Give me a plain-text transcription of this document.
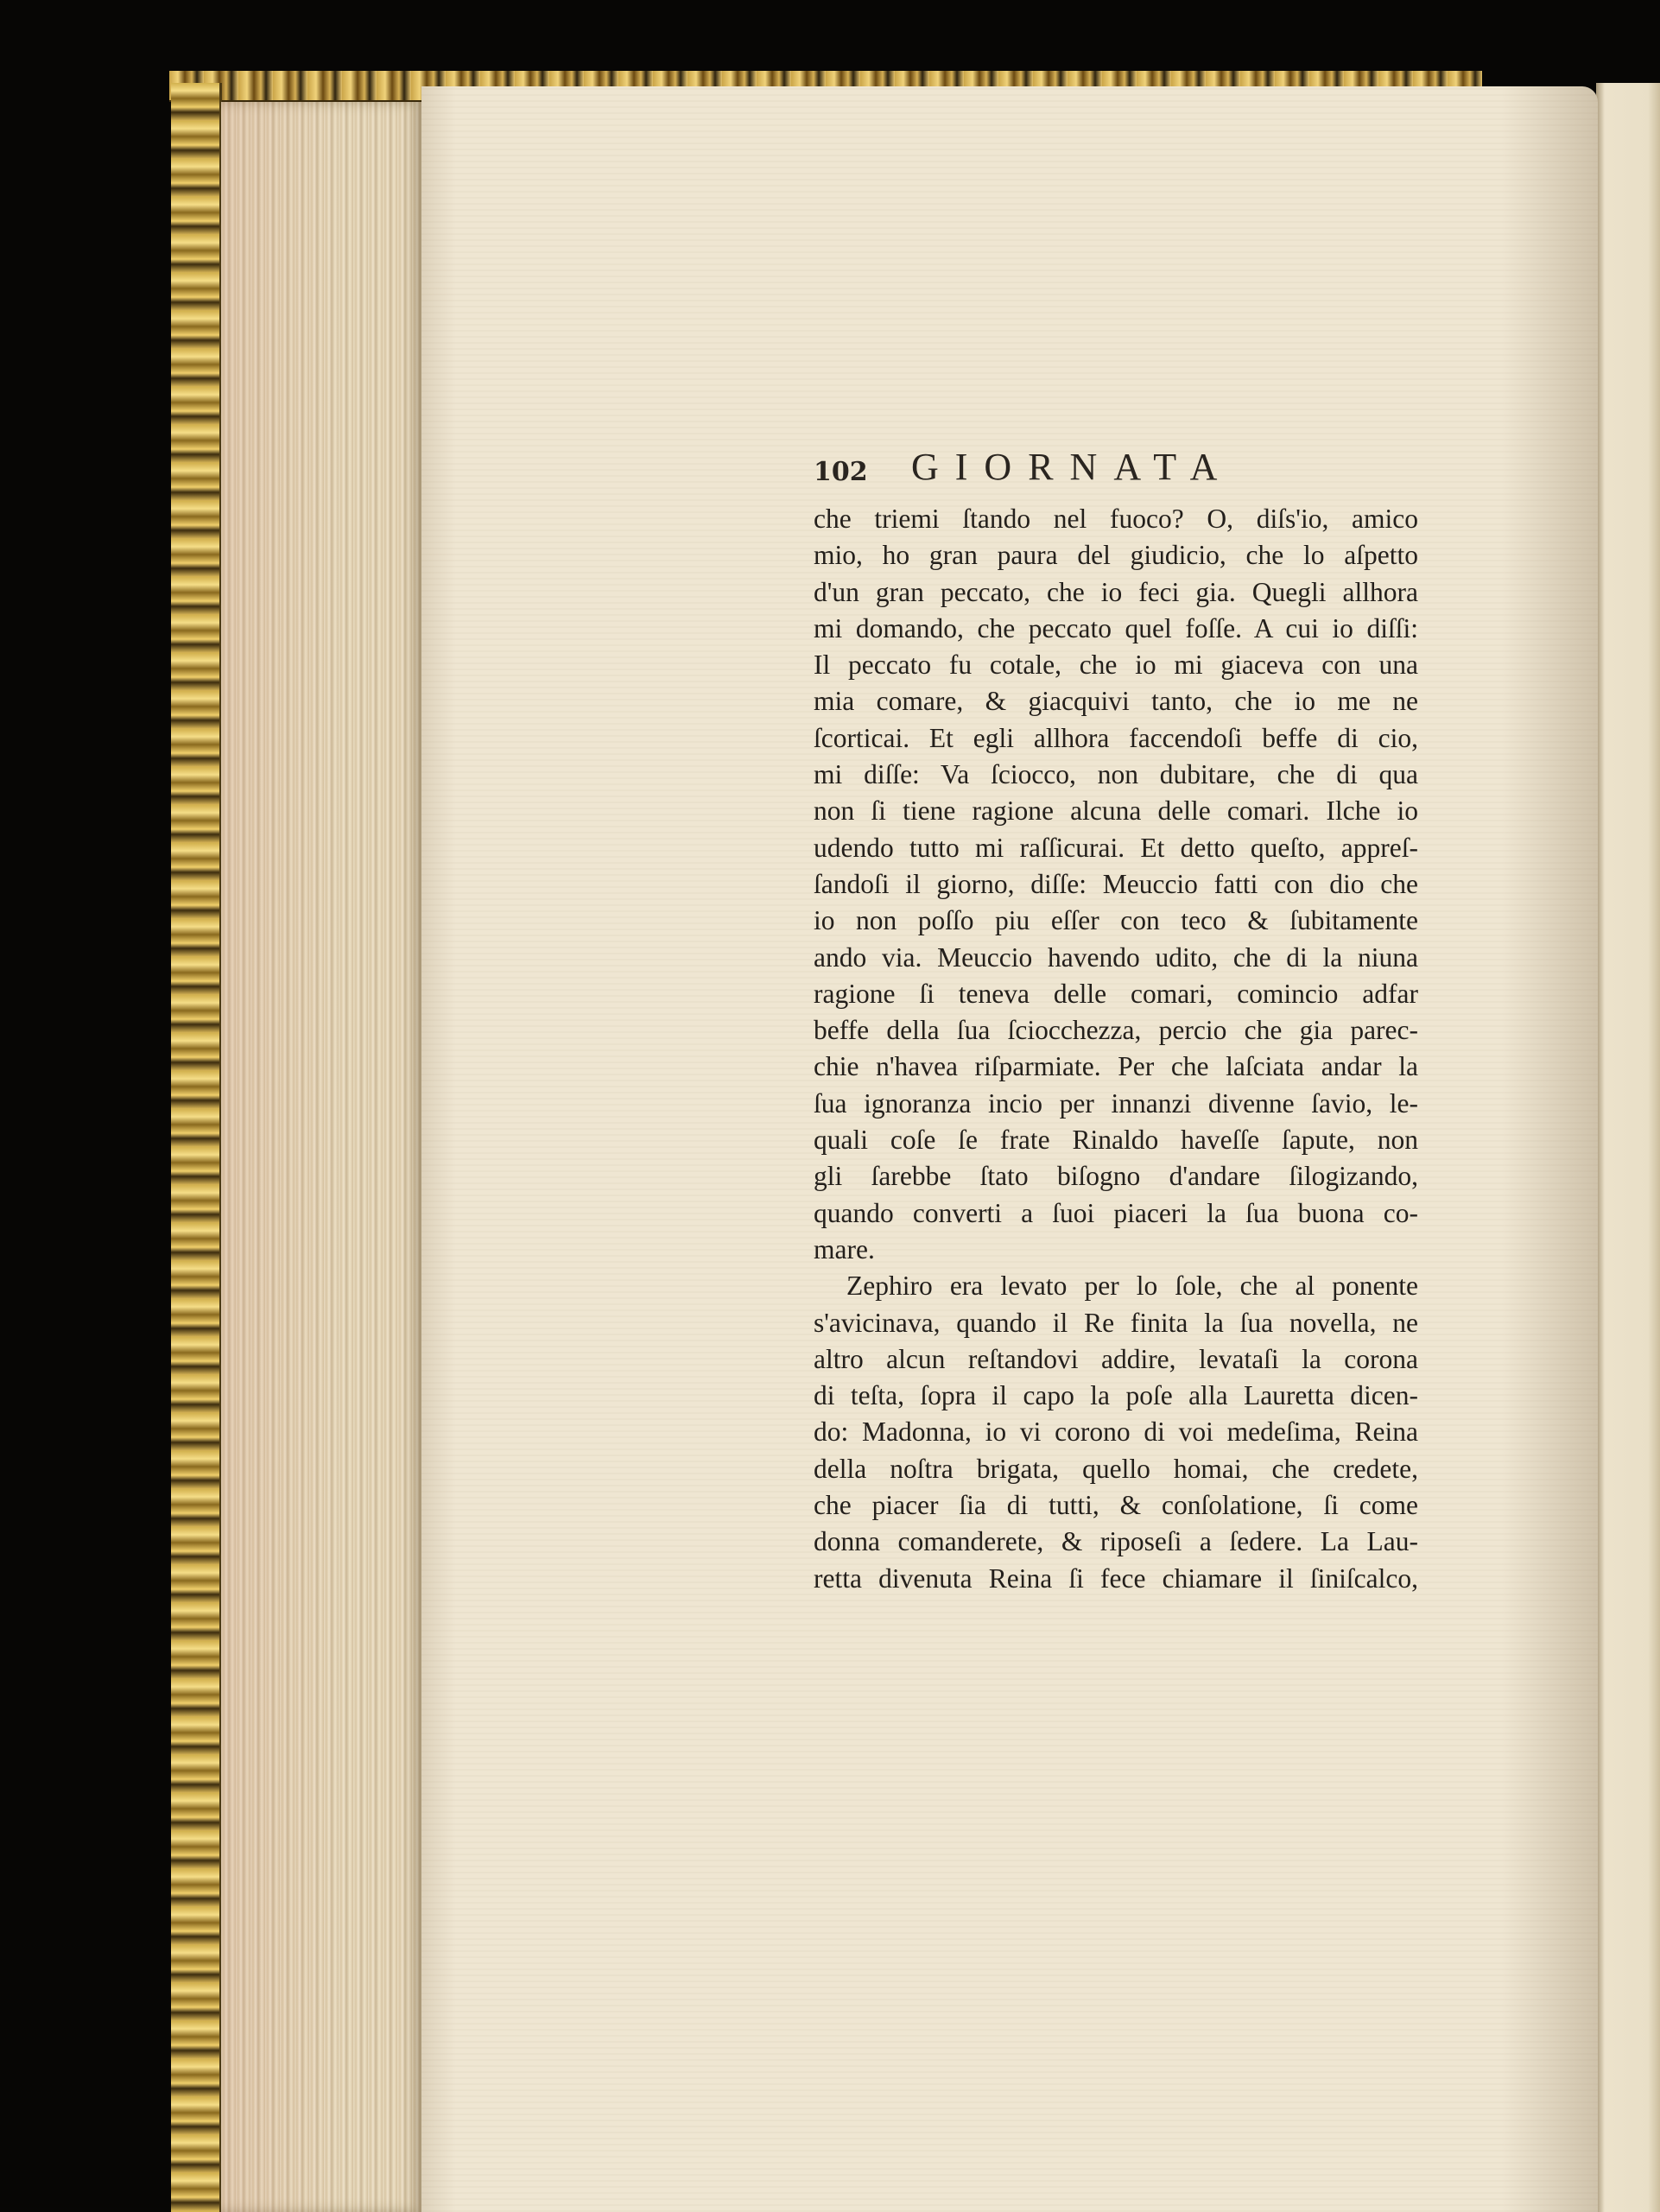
102 GIORNATA
che triemi ſtando nel fuoco? O, diſs'io, amico
mio, ho gran paura del giudicio, che lo aſpetto
d'un gran peccato, che io feci gia. Quegli allhora
mi domando, che peccato quel foſſe. A cui io diſſi:
Il peccato fu cotale, che io mi giaceva con una
mia comare, & giacquivi tanto, che io me ne
ſcorticai. Et egli allhora faccendoſi beffe di cio,
mi diſſe: Va ſciocco, non dubitare, che di qua
non ſi tiene ragione alcuna delle comari. Ilche io
udendo tutto mi raſſicurai. Et detto queſto, appreſ-
ſandoſi il giorno, diſſe: Meuccio fatti con dio che
io non poſſo piu eſſer con teco & ſubitamente
ando via. Meuccio havendo udito, che di la niuna
ragione ſi teneva delle comari, comincio adfar
beffe della ſua ſciocchezza, percio che gia parec-
chie n'havea riſparmiate. Per che laſciata andar la
ſua ignoranza incio per innanzi divenne ſavio, le-
quali coſe ſe frate Rinaldo haveſſe ſapute, non
gli ſarebbe ſtato biſogno d'andare ſilogizando,
quando converti a ſuoi piaceri la ſua buona co-
mare.
Zephiro era levato per lo ſole, che al ponente
s'avicinava, quando il Re finita la ſua novella, ne
altro alcun reſtandovi addire, levataſi la corona
di teſta, ſopra il capo la poſe alla Lauretta dicen-
do: Madonna, io vi corono di voi medeſima, Reina
della noſtra brigata, quello homai, che credete,
che piacer ſia di tutti, & conſolatione, ſi come
donna comanderete, & riposeſi a ſedere. La Lau-
retta divenuta Reina ſi fece chiamare il ſiniſcalco,
